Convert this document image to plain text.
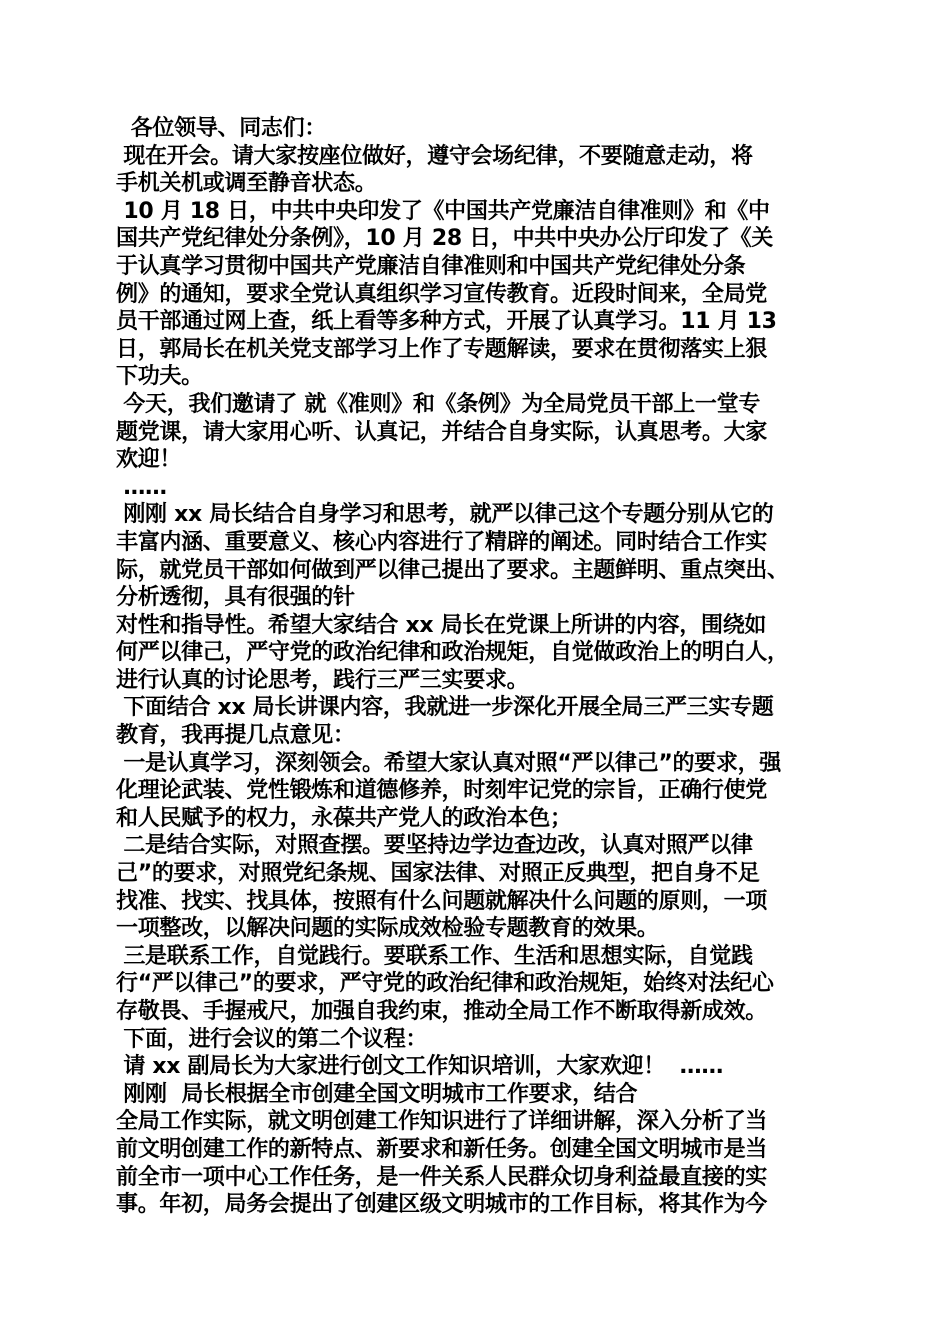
各位领导、同志们：
现在开会。请大家按座位做好，遵守会场纪律，不要随意走动，将
手机关机或调至静音状态。
10 月 18 日，中共中央印发了《中国共产党廉洁自律准则》和《中
国共产党纪律处分条例》，10 月 28 日，中共中央办公厅印发了《关
于认真学习贯彻中国共产党廉洁自律准则和中国共产党纪律处分条
例》的通知，要求全党认真组织学习宣传教育。近段时间来，全局党
员干部通过网上查，纸上看等多种方式，开展了认真学习。11 月 13
日，郭局长在机关党支部学习上作了专题解读，要求在贯彻落实上狠
下功夫。
今天，我们邀请了 就《准则》和《条例》为全局党员干部上一堂专
题党课，请大家用心听、认真记，并结合自身实际，认真思考。大家
欢迎！
……
刚刚 xx 局长结合自身学习和思考，就严以律己这个专题分别从它的
丰富内涵、重要意义、核心内容进行了精辟的阐述。同时结合工作实
际，就党员干部如何做到严以律己提出了要求。主题鲜明、重点突出、
分析透彻，具有很强的针
对性和指导性。希望大家结合 xx 局长在党课上所讲的内容，围绕如
何严以律己，严守党的政治纪律和政治规矩，自觉做政治上的明白人，
进行认真的讨论思考，践行三严三实要求。
下面结合 xx 局长讲课内容，我就进一步深化开展全局三严三实专题
教育，我再提几点意见：
一是认真学习，深刻领会。希望大家认真对照“严以律己”的要求，强
化理论武装、党性锻炼和道德修养，时刻牢记党的宗旨，正确行使党
和人民赋予的权力，永葆共产党人的政治本色；
二是结合实际，对照查摆。要坚持边学边查边改，认真对照严以律
己”的要求，对照党纪条规、国家法律、对照正反典型，把自身不足
找准、找实、找具体，按照有什么问题就解决什么问题的原则，一项
一项整改，以解决问题的实际成效检验专题教育的效果。
三是联系工作，自觉践行。要联系工作、生活和思想实际，自觉践
行“严以律己”的要求，严守党的政治纪律和政治规矩，始终对法纪心
存敬畏、手握戒尺，加强自我约束，推动全局工作不断取得新成效。
下面，进行会议的第二个议程：
请 xx 副局长为大家进行创文工作知识培训，大家欢迎！  ……
刚刚  局长根据全市创建全国文明城市工作要求，结合
全局工作实际，就文明创建工作知识进行了详细讲解，深入分析了当
前文明创建工作的新特点、新要求和新任务。创建全国文明城市是当
前全市一项中心工作任务，是一件关系人民群众切身利益最直接的实
事。年初，局务会提出了创建区级文明城市的工作目标，将其作为今
